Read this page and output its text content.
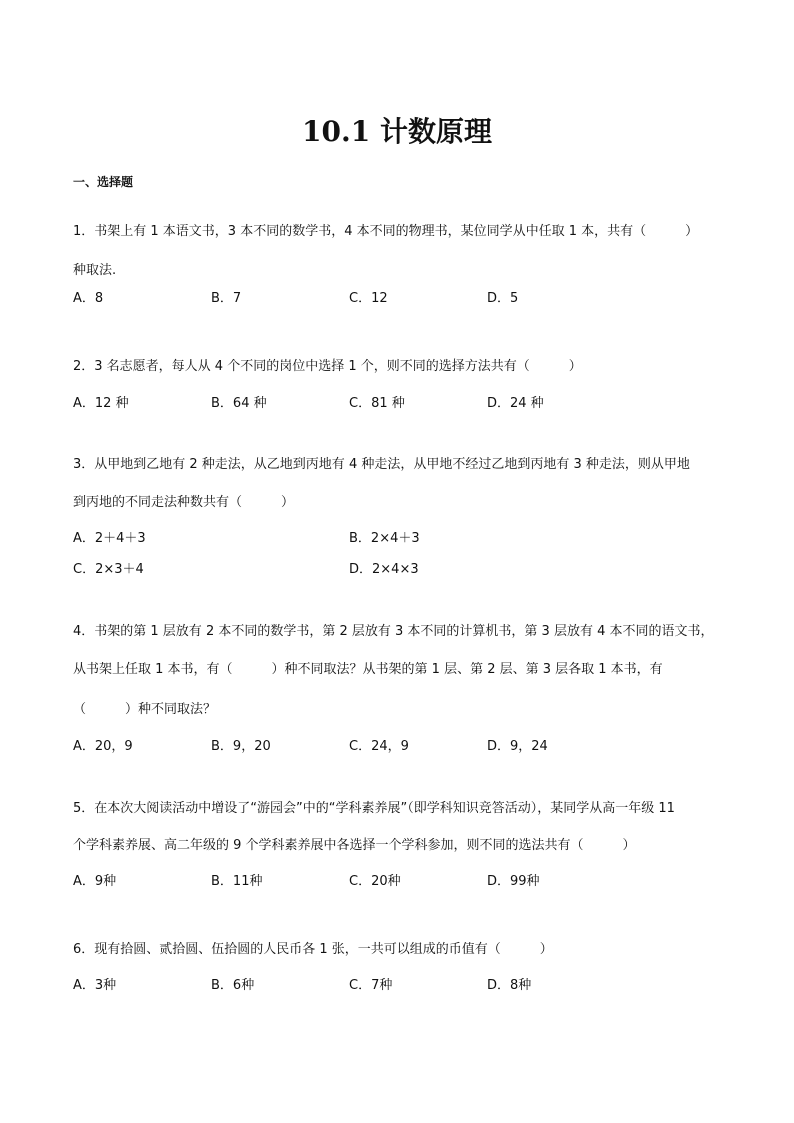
10.1 计数原理
一、选择题
1．书架上有 1 本语文书，3 本不同的数学书，4 本不同的物理书，某位同学从中任取 1 本，共有（　　　）
种取法.
A．8	B．7	C．12	D．5
2．3 名志愿者，每人从 4 个不同的岗位中选择 1 个，则不同的选择方法共有（　　　）
A．12 种	B．64 种	C．81 种	D．24 种
3．从甲地到乙地有 2 种走法，从乙地到丙地有 4 种走法，从甲地不经过乙地到丙地有 3 种走法，则从甲地
到丙地的不同走法种数共有（　　　）
A．2＋4＋3	B．2×4＋3
C．2×3＋4	D．2×4×3
4．书架的第 1 层放有 2 本不同的数学书，第 2 层放有 3 本不同的计算机书，第 3 层放有 4 本不同的语文书，
从书架上任取 1 本书，有（　　　）种不同取法？从书架的第 1 层、第 2 层、第 3 层各取 1 本书，有
（　　　）种不同取法？
A．20，9	B．9，20	C．24，9	D．9，24
5．在本次大阅读活动中增设了“游园会”中的“学科素养展”（即学科知识竞答活动），某同学从高一年级 11
个学科素养展、高二年级的 9 个学科素养展中各选择一个学科参加，则不同的选法共有（　　　）
A．9种	B．11种	C．20种	D．99种
6．现有拾圆、贰拾圆、伍拾圆的人民币各 1 张，一共可以组成的币值有（　　　）
A．3种	B．6种	C．7种	D．8种
